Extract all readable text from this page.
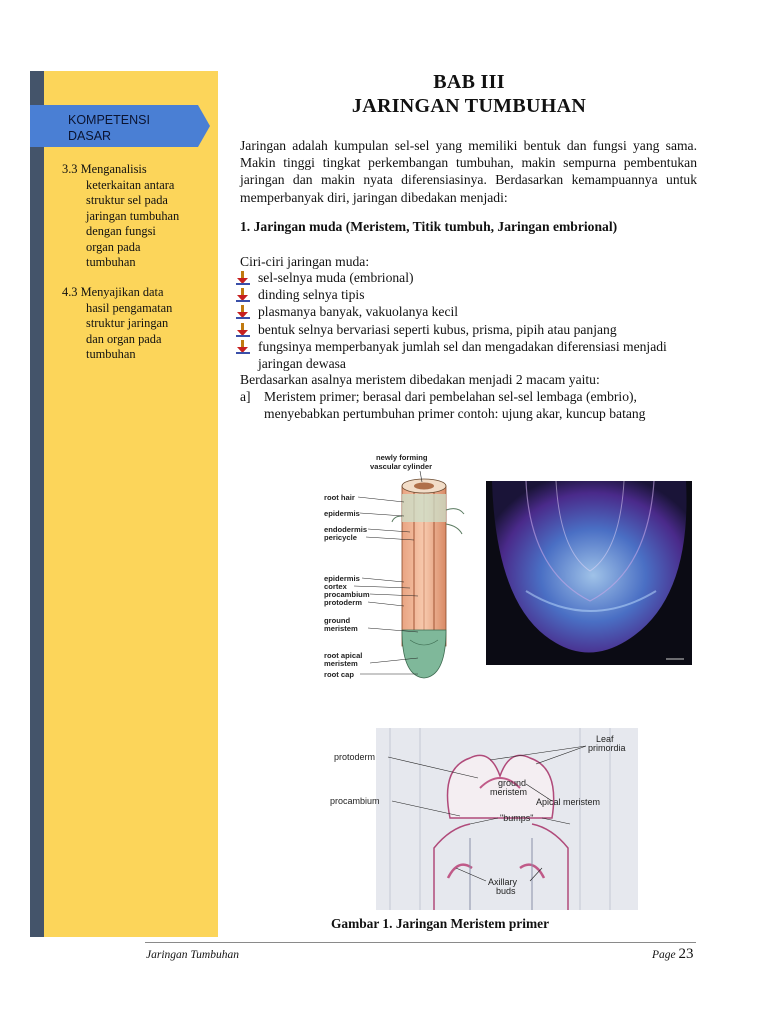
KOMPETENSI
DASAR
3.3 Menganalisis
keterkaitan antara
struktur sel pada
jaringan tumbuhan
dengan fungsi
organ pada
tumbuhan
4.3 Menyajikan data
hasil pengamatan
struktur jaringan
dan organ pada
tumbuhan
BAB III
JARINGAN TUMBUHAN
Jaringan adalah kumpulan sel-sel yang memiliki bentuk dan fungsi yang sama. Makin tinggi tingkat perkembangan tumbuhan, makin sempurna pembentukan jaringan dan makin nyata diferensiasinya. Berdasarkan kemampuannya untuk memperbanyak diri, jaringan dibedakan menjadi:
1. Jaringan muda (Meristem, Titik tumbuh, Jaringan embrional)
Ciri-ciri jaringan muda:
sel-selnya muda (embrional)
dinding selnya tipis
plasmanya banyak, vakuolanya kecil
bentuk selnya bervariasi seperti kubus, prisma, pipih atau panjang
fungsinya memperbanyak jumlah sel dan mengadakan diferensiasi menjadi jaringan dewasa
Berdasarkan asalnya meristem dibedakan menjadi 2 macam yaitu:
a] Meristem primer; berasal dari pembelahan sel-sel lembaga (embrio), menyebabkan pertumbuhan primer contoh: ujung akar, kuncup batang
newly forming
vascular cylinder
root hair
epidermis
endodermis
pericycle
epidermis
cortex
procambium
protoderm
ground
meristem
root apical
meristem
root cap
protoderm
procambium
Leaf
primordia
ground
meristem
Apical meristem
"bumps"
Axillary
buds
Gambar 1. Jaringan Meristem primer
Jaringan Tumbuhan	Page 23
